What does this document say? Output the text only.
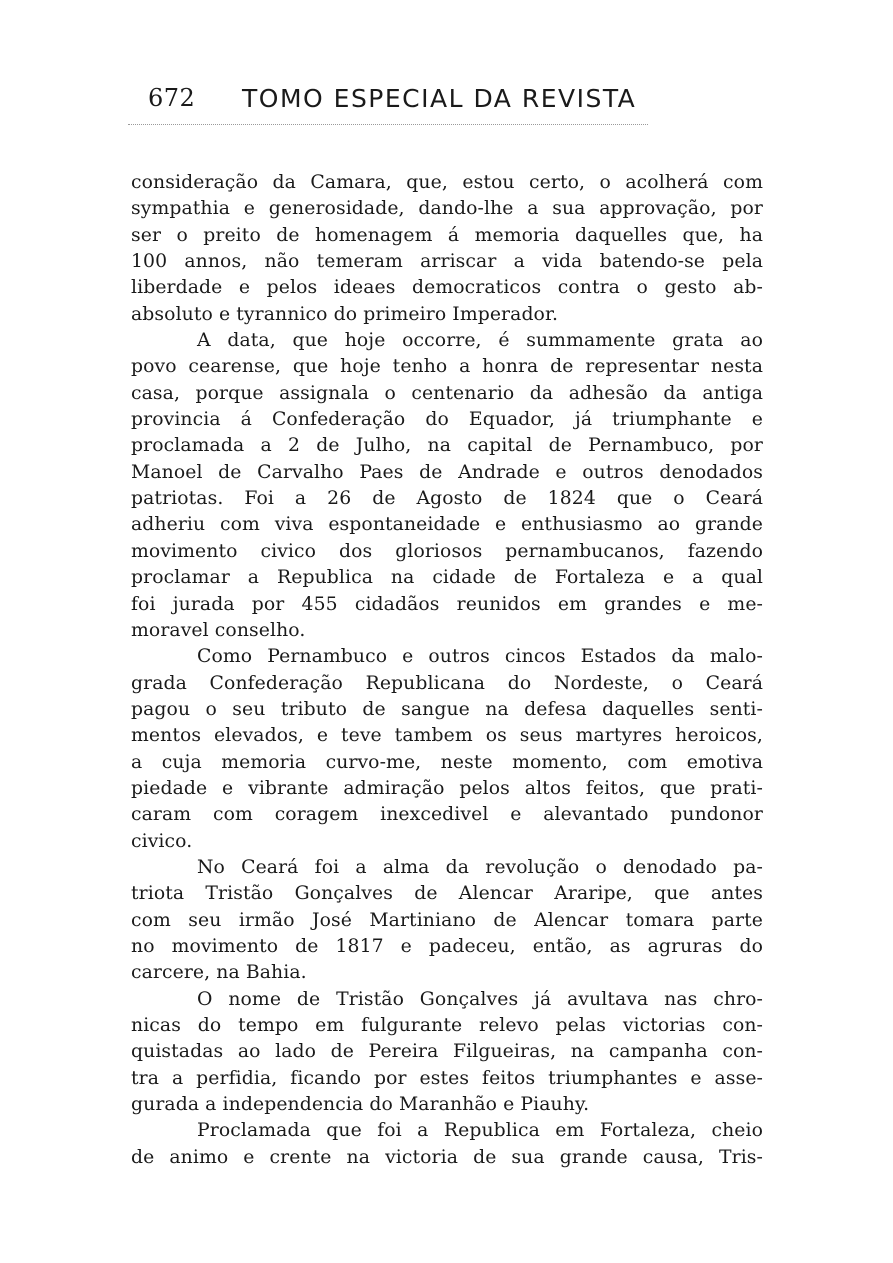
672 TOMO ESPECIAL DA REVISTA
consideração da Camara, que, estou certo, o acolherá com
sympathia e generosidade, dando-lhe a sua approvação, por
ser o preito de homenagem á memoria daquelles que, ha
100 annos, não temeram arriscar a vida batendo-se pela
liberdade e pelos ideaes democraticos contra o gesto ab-
absoluto e tyrannico do primeiro Imperador.
A data, que hoje occorre, é summamente grata ao
povo cearense, que hoje tenho a honra de representar nesta
casa, porque assignala o centenario da adhesão da antiga
provincia á Confederação do Equador, já triumphante e
proclamada a 2 de Julho, na capital de Pernambuco, por
Manoel de Carvalho Paes de Andrade e outros denodados
patriotas. Foi a 26 de Agosto de 1824 que o Ceará
adheriu com viva espontaneidade e enthusiasmo ao grande
movimento civico dos gloriosos pernambucanos, fazendo
proclamar a Republica na cidade de Fortaleza e a qual
foi jurada por 455 cidadãos reunidos em grandes e me-
moravel conselho.
Como Pernambuco e outros cincos Estados da malo-
grada Confederação Republicana do Nordeste, o Ceará
pagou o seu tributo de sangue na defesa daquelles senti-
mentos elevados, e teve tambem os seus martyres heroicos,
a cuja memoria curvo-me, neste momento, com emotiva
piedade e vibrante admiração pelos altos feitos, que prati-
caram com coragem inexcedivel e alevantado pundonor
civico.
No Ceará foi a alma da revolução o denodado pa-
triota Tristão Gonçalves de Alencar Araripe, que antes
com seu irmão José Martiniano de Alencar tomara parte
no movimento de 1817 e padeceu, então, as agruras do
carcere, na Bahia.
O nome de Tristão Gonçalves já avultava nas chro-
nicas do tempo em fulgurante relevo pelas victorias con-
quistadas ao lado de Pereira Filgueiras, na campanha con-
tra a perfidia, ficando por estes feitos triumphantes e asse-
gurada a independencia do Maranhão e Piauhy.
Proclamada que foi a Republica em Fortaleza, cheio
de animo e crente na victoria de sua grande causa, Tris-
